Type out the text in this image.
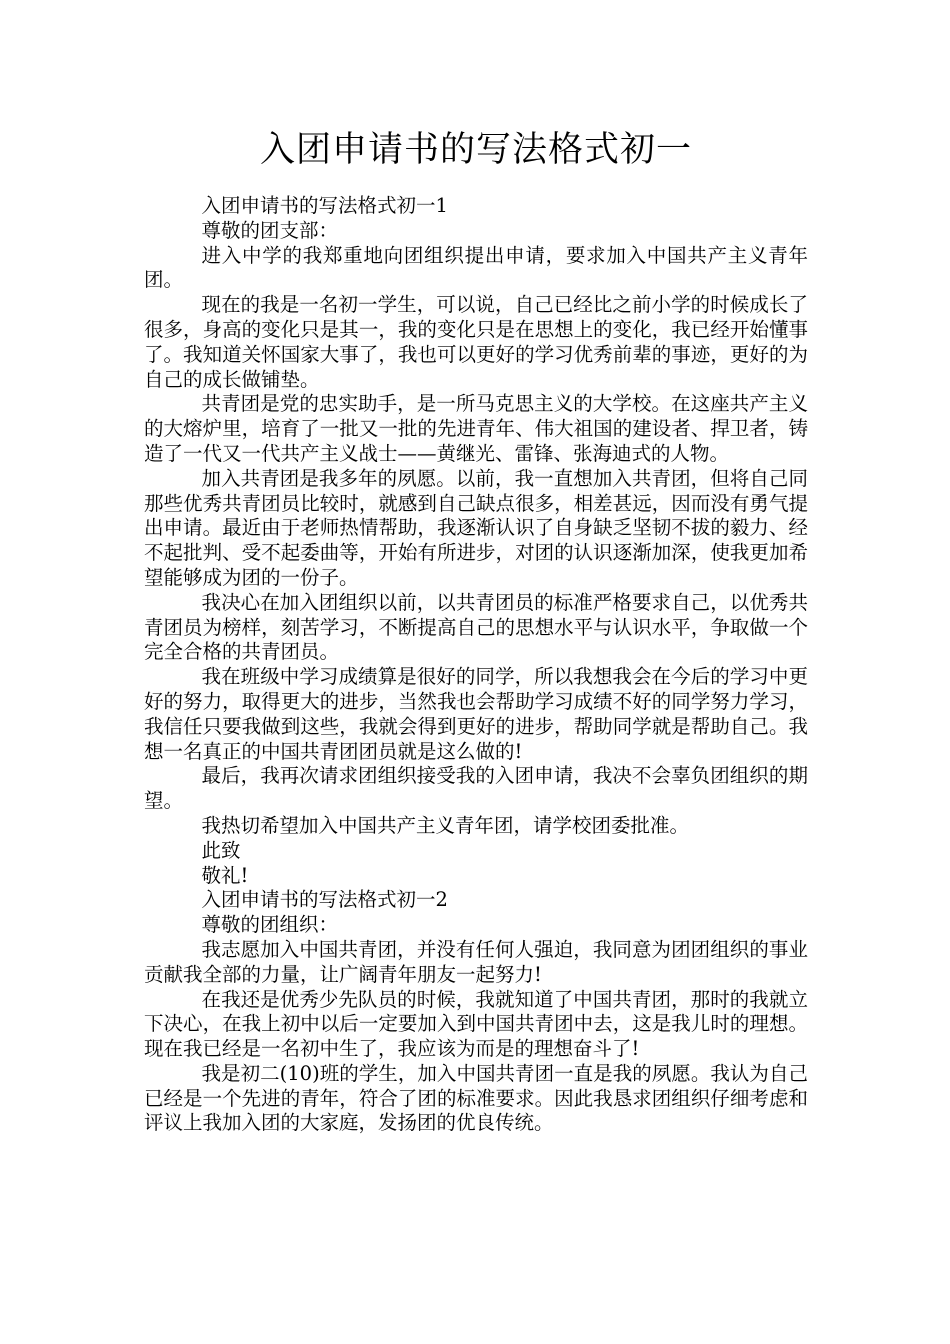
入团申请书的写法格式初一

入团申请书的写法格式初一1

尊敬的团支部：

进入中学的我郑重地向团组织提出申请，要求加入中国共产主义青年团。

现在的我是一名初一学生，可以说，自己已经比之前小学的时候成长了很多，身高的变化只是其一，我的变化只是在思想上的变化，我已经开始懂事了。我知道关怀国家大事了，我也可以更好的学习优秀前辈的事迹，更好的为自己的成长做铺垫。

共青团是党的忠实助手，是一所马克思主义的大学校。在这座共产主义的大熔炉里，培育了一批又一批的先进青年、伟大祖国的建设者、捍卫者，铸造了一代又一代共产主义战士——黄继光、雷锋、张海迪式的人物。

加入共青团是我多年的夙愿。以前，我一直想加入共青团，但将自己同那些优秀共青团员比较时，就感到自己缺点很多，相差甚远，因而没有勇气提出申请。最近由于老师热情帮助，我逐渐认识了自身缺乏坚韧不拔的毅力、经不起批判、受不起委曲等，开始有所进步，对团的认识逐渐加深，使我更加希望能够成为团的一份子。

我决心在加入团组织以前，以共青团员的标准严格要求自己，以优秀共青团员为榜样，刻苦学习，不断提高自己的思想水平与认识水平，争取做一个完全合格的共青团员。

我在班级中学习成绩算是很好的同学，所以我想我会在今后的学习中更好的努力，取得更大的进步，当然我也会帮助学习成绩不好的同学努力学习，我信任只要我做到这些，我就会得到更好的进步，帮助同学就是帮助自己。我想一名真正的中国共青团团员就是这么做的!

最后，我再次请求团组织接受我的入团申请，我决不会辜负团组织的期望。

我热切希望加入中国共产主义青年团，请学校团委批准。

此致

敬礼!

入团申请书的写法格式初一2

尊敬的团组织：

我志愿加入中国共青团，并没有任何人强迫，我同意为团团组织的事业贡献我全部的力量，让广阔青年朋友一起努力!

在我还是优秀少先队员的时候，我就知道了中国共青团，那时的我就立下决心，在我上初中以后一定要加入到中国共青团中去，这是我儿时的理想。现在我已经是一名初中生了，我应该为而是的理想奋斗了!

我是初二(10)班的学生，加入中国共青团一直是我的夙愿。我认为自己已经是一个先进的青年，符合了团的标准要求。因此我恳求团组织仔细考虑和评议上我加入团的大家庭，发扬团的优良传统。
